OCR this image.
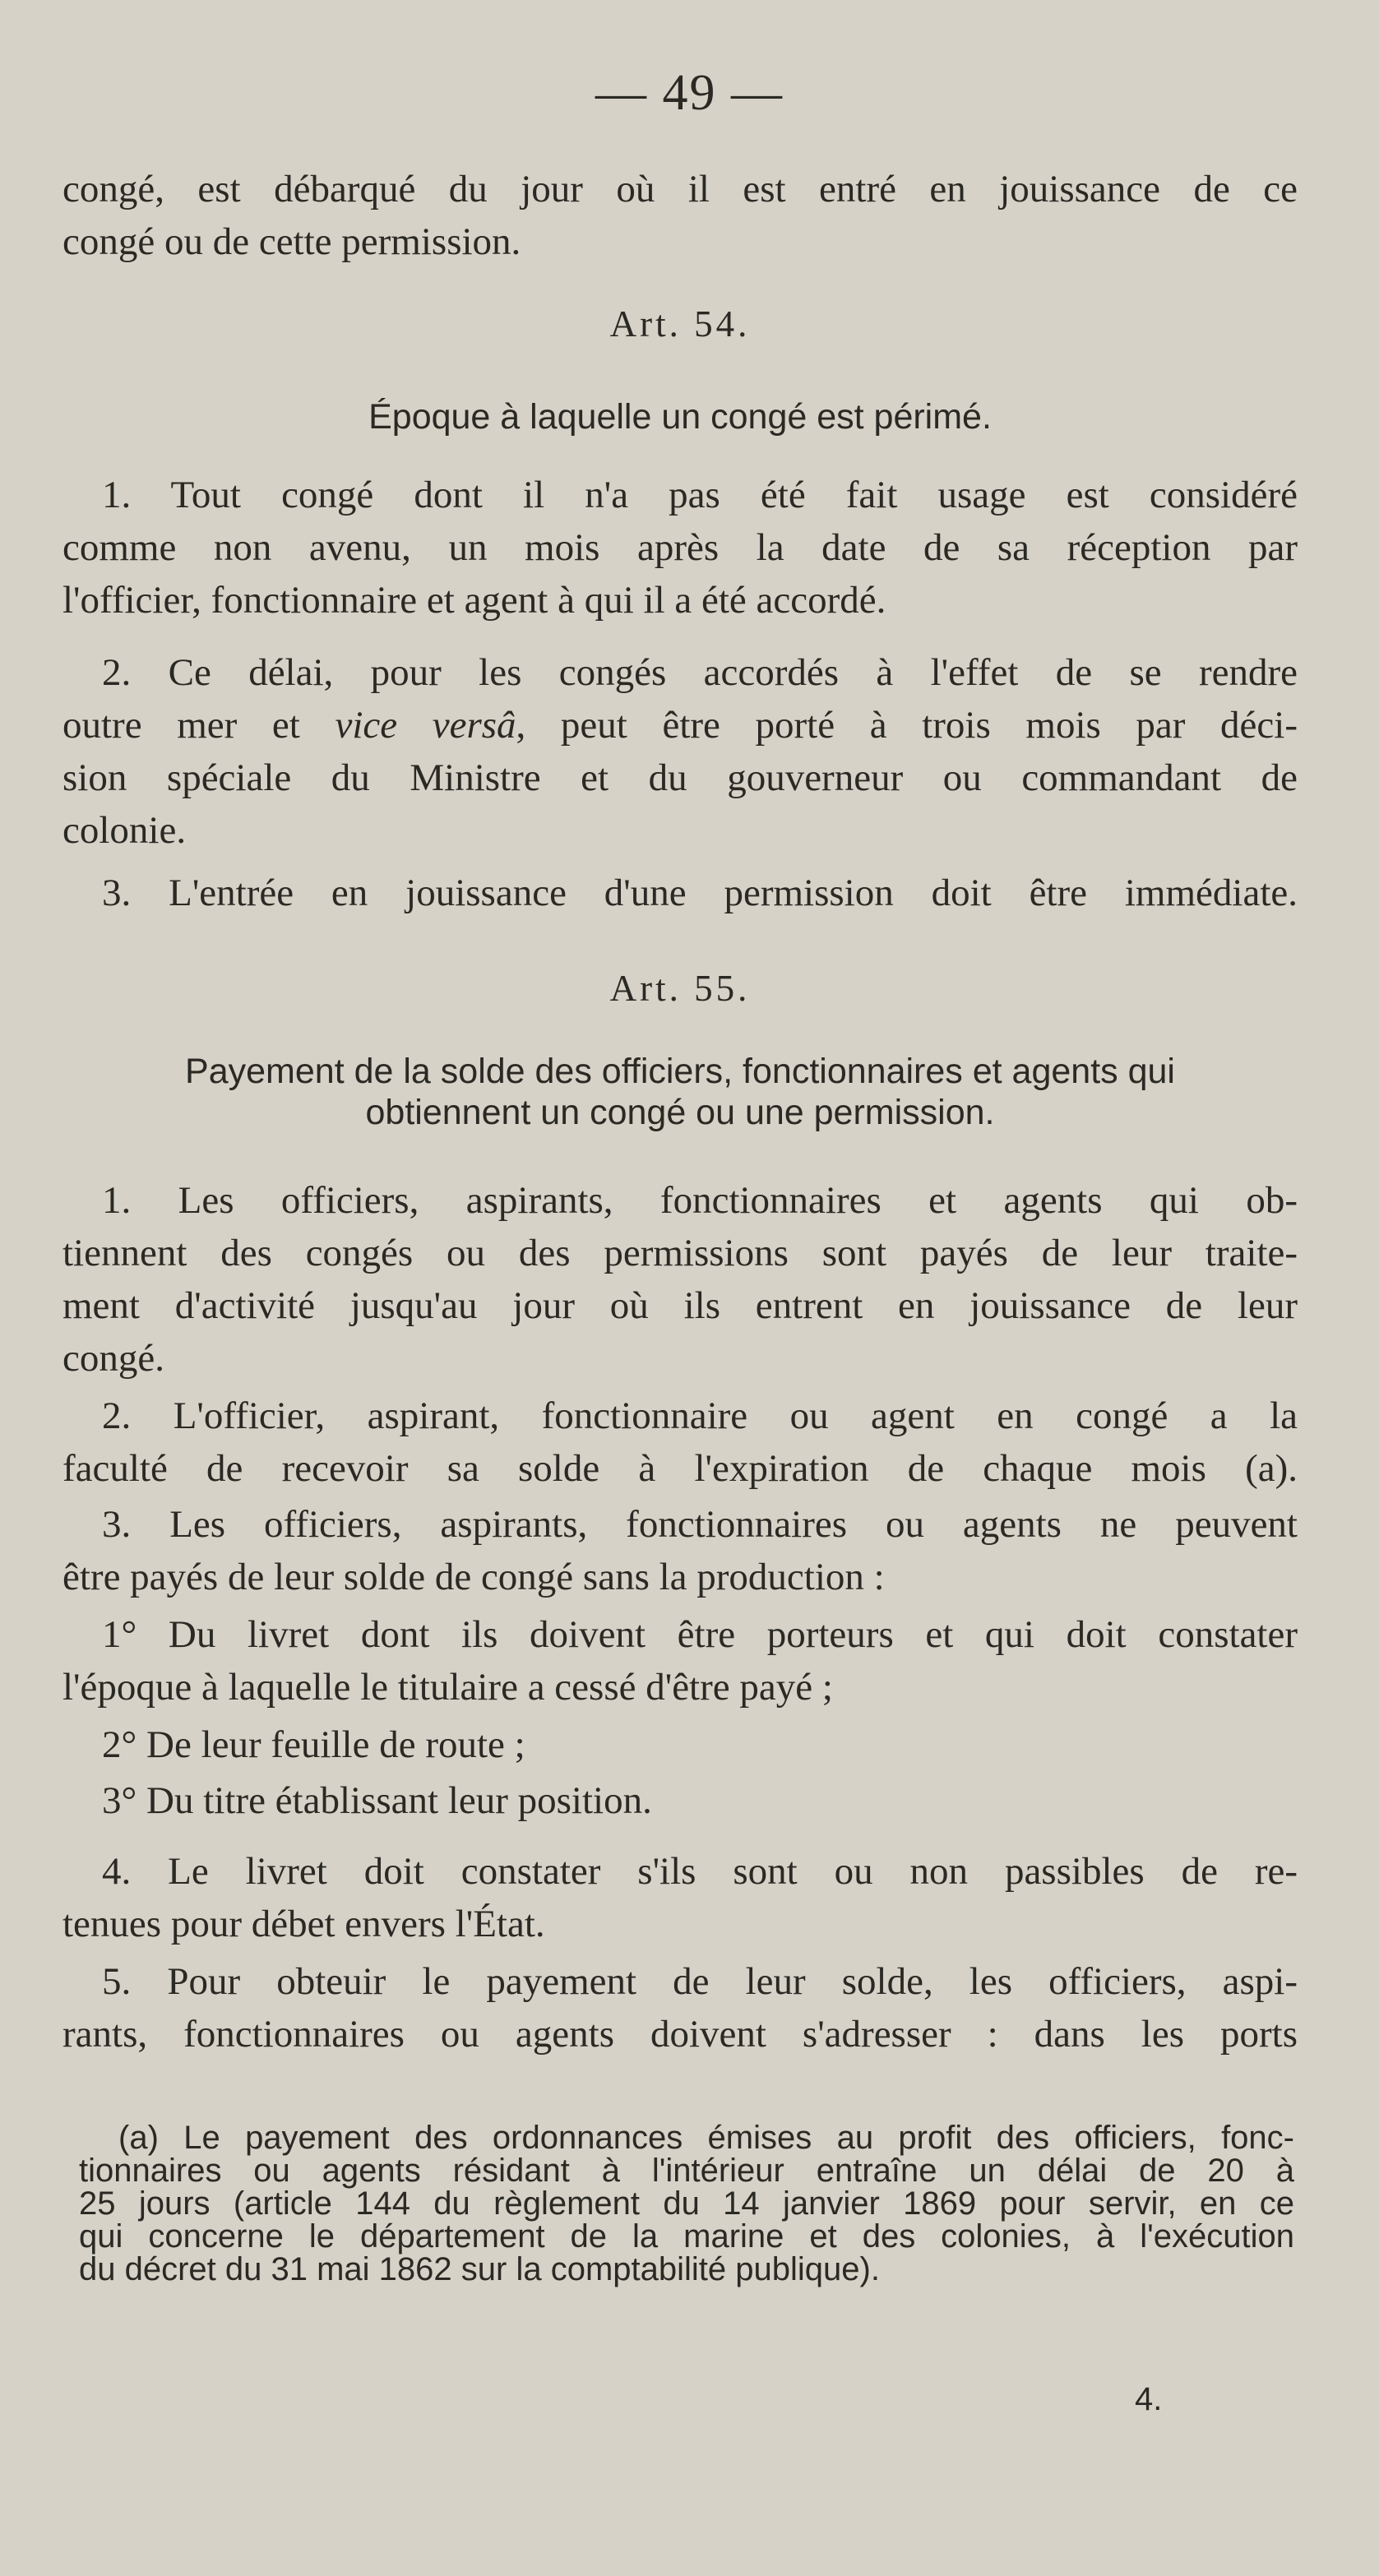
— 49 —
congé, est débarqué du jour où il est entré en jouissance de ce
congé ou de cette permission.
Art. 54.
Époque à laquelle un congé est périmé.
1. Tout congé dont il n'a pas été fait usage est considéré
comme non avenu, un mois après la date de sa réception par
l'officier, fonctionnaire et agent à qui il a été accordé.
2. Ce délai, pour les congés accordés à l'effet de se rendre
outre mer et vice versâ, peut être porté à trois mois par déci-
sion spéciale du Ministre et du gouverneur ou commandant de
colonie.
3. L'entrée en jouissance d'une permission doit être immédiate.
Art. 55.
Payement de la solde des officiers, fonctionnaires et agents qui
obtiennent un congé ou une permission.
1. Les officiers, aspirants, fonctionnaires et agents qui ob-
tiennent des congés ou des permissions sont payés de leur traite-
ment d'activité jusqu'au jour où ils entrent en jouissance de leur
congé.
2. L'officier, aspirant, fonctionnaire ou agent en congé a la
faculté de recevoir sa solde à l'expiration de chaque mois (a).
3. Les officiers, aspirants, fonctionnaires ou agents ne peuvent
être payés de leur solde de congé sans la production :
1° Du livret dont ils doivent être porteurs et qui doit constater
l'époque à laquelle le titulaire a cessé d'être payé ;
2° De leur feuille de route ;
3° Du titre établissant leur position.
4. Le livret doit constater s'ils sont ou non passibles de re-
tenues pour débet envers l'État.
5. Pour obteuir le payement de leur solde, les officiers, aspi-
rants, fonctionnaires ou agents doivent s'adresser : dans les ports
(a) Le payement des ordonnances émises au profit des officiers, fonc-
tionnaires ou agents résidant à l'intérieur entraîne un délai de 20 à
25 jours (article 144 du règlement du 14 janvier 1869 pour servir, en ce
qui concerne le département de la marine et des colonies, à l'exécution
du décret du 31 mai 1862 sur la comptabilité publique).
4.
